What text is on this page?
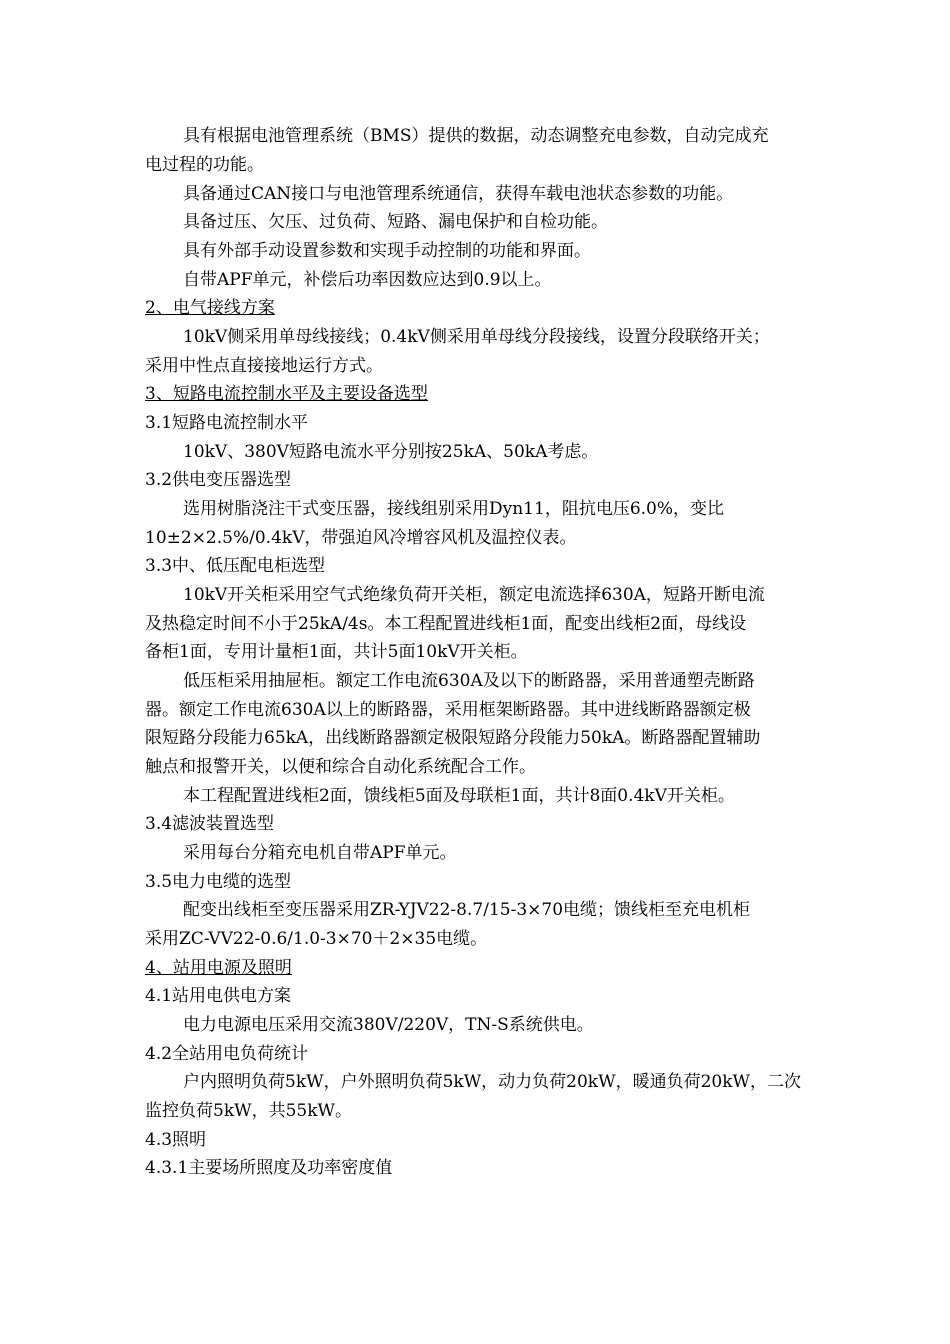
具有根据电池管理系统（BMS）提供的数据，动态调整充电参数，自动完成充
电过程的功能。
具备通过CAN接口与电池管理系统通信，获得车载电池状态参数的功能。
具备过压、欠压、过负荷、短路、漏电保护和自检功能。
具有外部手动设置参数和实现手动控制的功能和界面。
自带APF单元，补偿后功率因数应达到0.9以上。
2、电气接线方案
10kV侧采用单母线接线；0.4kV侧采用单母线分段接线，设置分段联络开关；
采用中性点直接接地运行方式。
3、短路电流控制水平及主要设备选型
3.1短路电流控制水平
10kV、380V短路电流水平分别按25kA、50kA考虑。
3.2供电变压器选型
选用树脂浇注干式变压器，接线组别采用Dyn11，阻抗电压6.0%，变比
10±2×2.5%/0.4kV，带强迫风冷增容风机及温控仪表。
3.3中、低压配电柜选型
10kV开关柜采用空气式绝缘负荷开关柜，额定电流选择630A，短路开断电流
及热稳定时间不小于25kA/4s。本工程配置进线柜1面，配变出线柜2面，母线设
备柜1面，专用计量柜1面，共计5面10kV开关柜。
低压柜采用抽屉柜。额定工作电流630A及以下的断路器，采用普通塑壳断路
器。额定工作电流630A以上的断路器，采用框架断路器。其中进线断路器额定极
限短路分段能力65kA，出线断路器额定极限短路分段能力50kA。断路器配置辅助
触点和报警开关，以便和综合自动化系统配合工作。
本工程配置进线柜2面，馈线柜5面及母联柜1面，共计8面0.4kV开关柜。
3.4滤波装置选型
采用每台分箱充电机自带APF单元。
3.5电力电缆的选型
配变出线柜至变压器采用ZR-YJV22-8.7/15-3×70电缆；馈线柜至充电机柜
采用ZC-VV22-0.6/1.0-3×70＋2×35电缆。
4、站用电源及照明
4.1站用电供电方案
电力电源电压采用交流380V/220V，TN-S系统供电。
4.2全站用电负荷统计
户内照明负荷5kW，户外照明负荷5kW，动力负荷20kW，暖通负荷20kW，二次
监控负荷5kW，共55kW。
4.3照明
4.3.1主要场所照度及功率密度值
